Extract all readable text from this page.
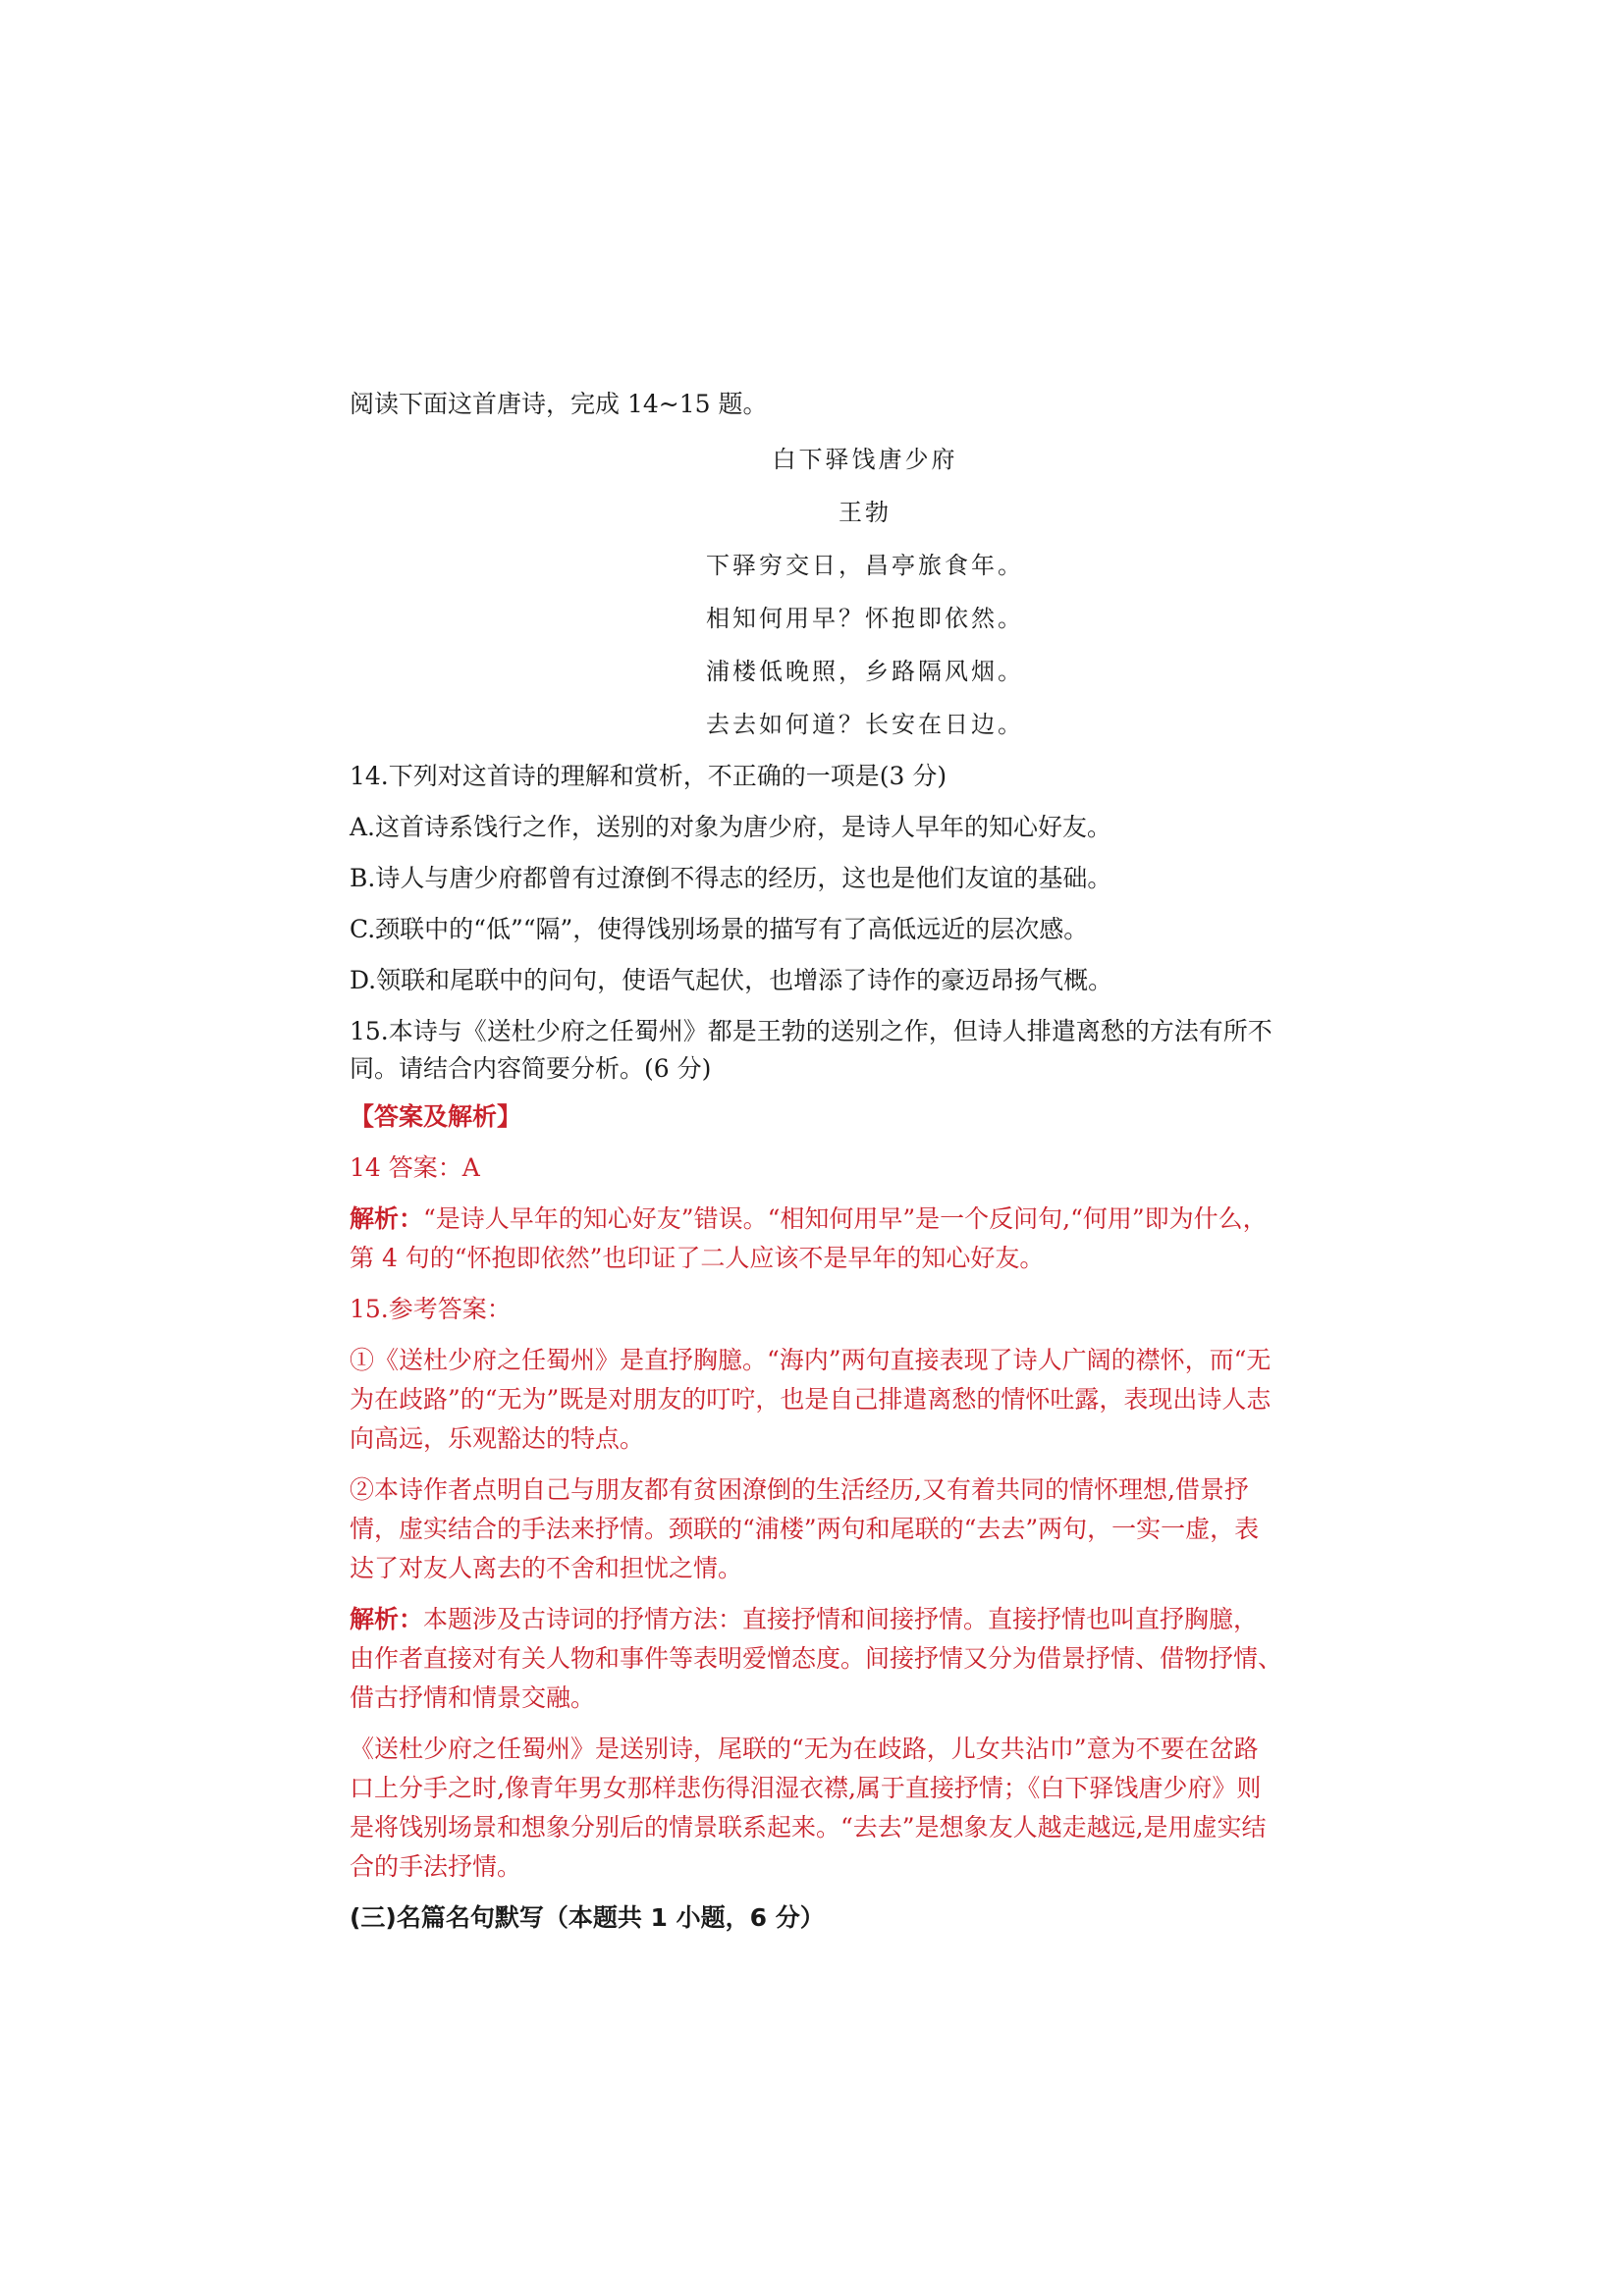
阅读下面这首唐诗，完成 14~15 题。

白下驿饯唐少府

王勃

下驿穷交日，昌亭旅食年。

相知何用早？怀抱即依然。

浦楼低晚照，乡路隔风烟。

去去如何道？长安在日边。

14.下列对这首诗的理解和赏析，不正确的一项是(3 分)

A.这首诗系饯行之作，送别的对象为唐少府，是诗人早年的知心好友。

B.诗人与唐少府都曾有过潦倒不得志的经历，这也是他们友谊的基础。

C.颈联中的“低”“隔”，使得饯别场景的描写有了高低远近的层次感。

D.领联和尾联中的问句，使语气起伏，也增添了诗作的豪迈昂扬气概。

15.本诗与《送杜少府之任蜀州》都是王勃的送别之作，但诗人排遣离愁的方法有所不同。请结合内容简要分析。(6 分)

【答案及解析】

14 答案：A

解析：“是诗人早年的知心好友”错误。“相知何用早”是一个反问句,“何用”即为什么，第 4 句的“怀抱即依然”也印证了二人应该不是早年的知心好友。

15.参考答案：

①《送杜少府之任蜀州》是直抒胸臆。“海内”两句直接表现了诗人广阔的襟怀，而“无为在歧路”的“无为”既是对朋友的叮咛，也是自己排遣离愁的情怀吐露，表现出诗人志向高远，乐观豁达的特点。

②本诗作者点明自己与朋友都有贫困潦倒的生活经历,又有着共同的情怀理想,借景抒情，虚实结合的手法来抒情。颈联的“浦楼”两句和尾联的“去去”两句，一实一虚，表达了对友人离去的不舍和担忧之情。

解析：本题涉及古诗词的抒情方法：直接抒情和间接抒情。直接抒情也叫直抒胸臆，由作者直接对有关人物和事件等表明爱憎态度。间接抒情又分为借景抒情、借物抒情、借古抒情和情景交融。

《送杜少府之任蜀州》是送别诗，尾联的“无为在歧路，儿女共沾巾”意为不要在岔路口上分手之时,像青年男女那样悲伤得泪湿衣襟,属于直接抒情；《白下驿饯唐少府》则是将饯别场景和想象分别后的情景联系起来。“去去”是想象友人越走越远,是用虚实结合的手法抒情。

(三)名篇名句默写（本题共 1 小题，6 分）
